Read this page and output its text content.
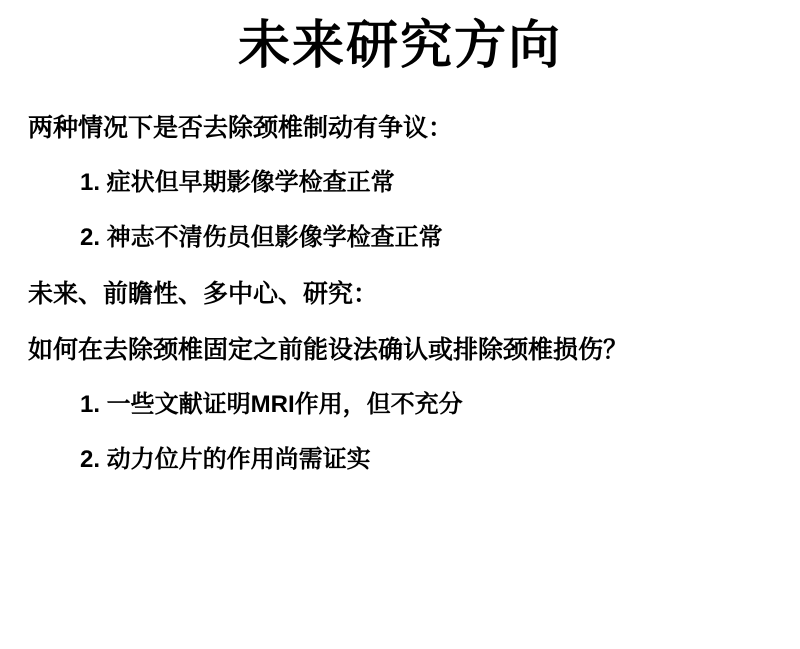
未来研究方向
两种情况下是否去除颈椎制动有争议：
1. 症状但早期影像学检查正常
2. 神志不清伤员但影像学检查正常
未来、前瞻性、多中心、研究：
如何在去除颈椎固定之前能设法确认或排除颈椎损伤？
1. 一些文献证明MRI作用，但不充分
2. 动力位片的作用尚需证实
